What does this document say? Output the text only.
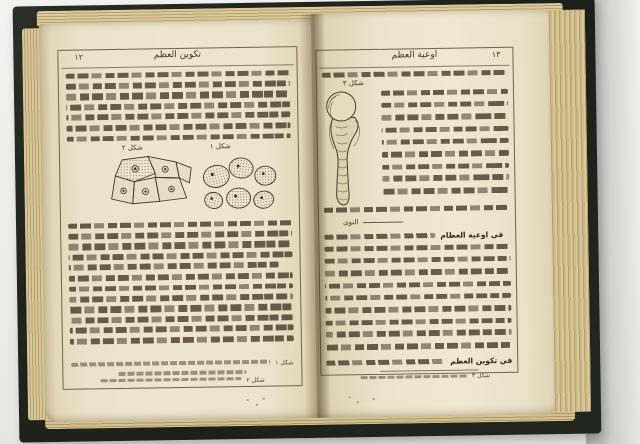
١٢	تكوين العظم
شكل ٢	شكل ١
شكل ١
شكل ٢
اوعية العظم	١٣
شكل ٣
النوى
في اوعية العظام
في تكوين العظم
شكل ٣
